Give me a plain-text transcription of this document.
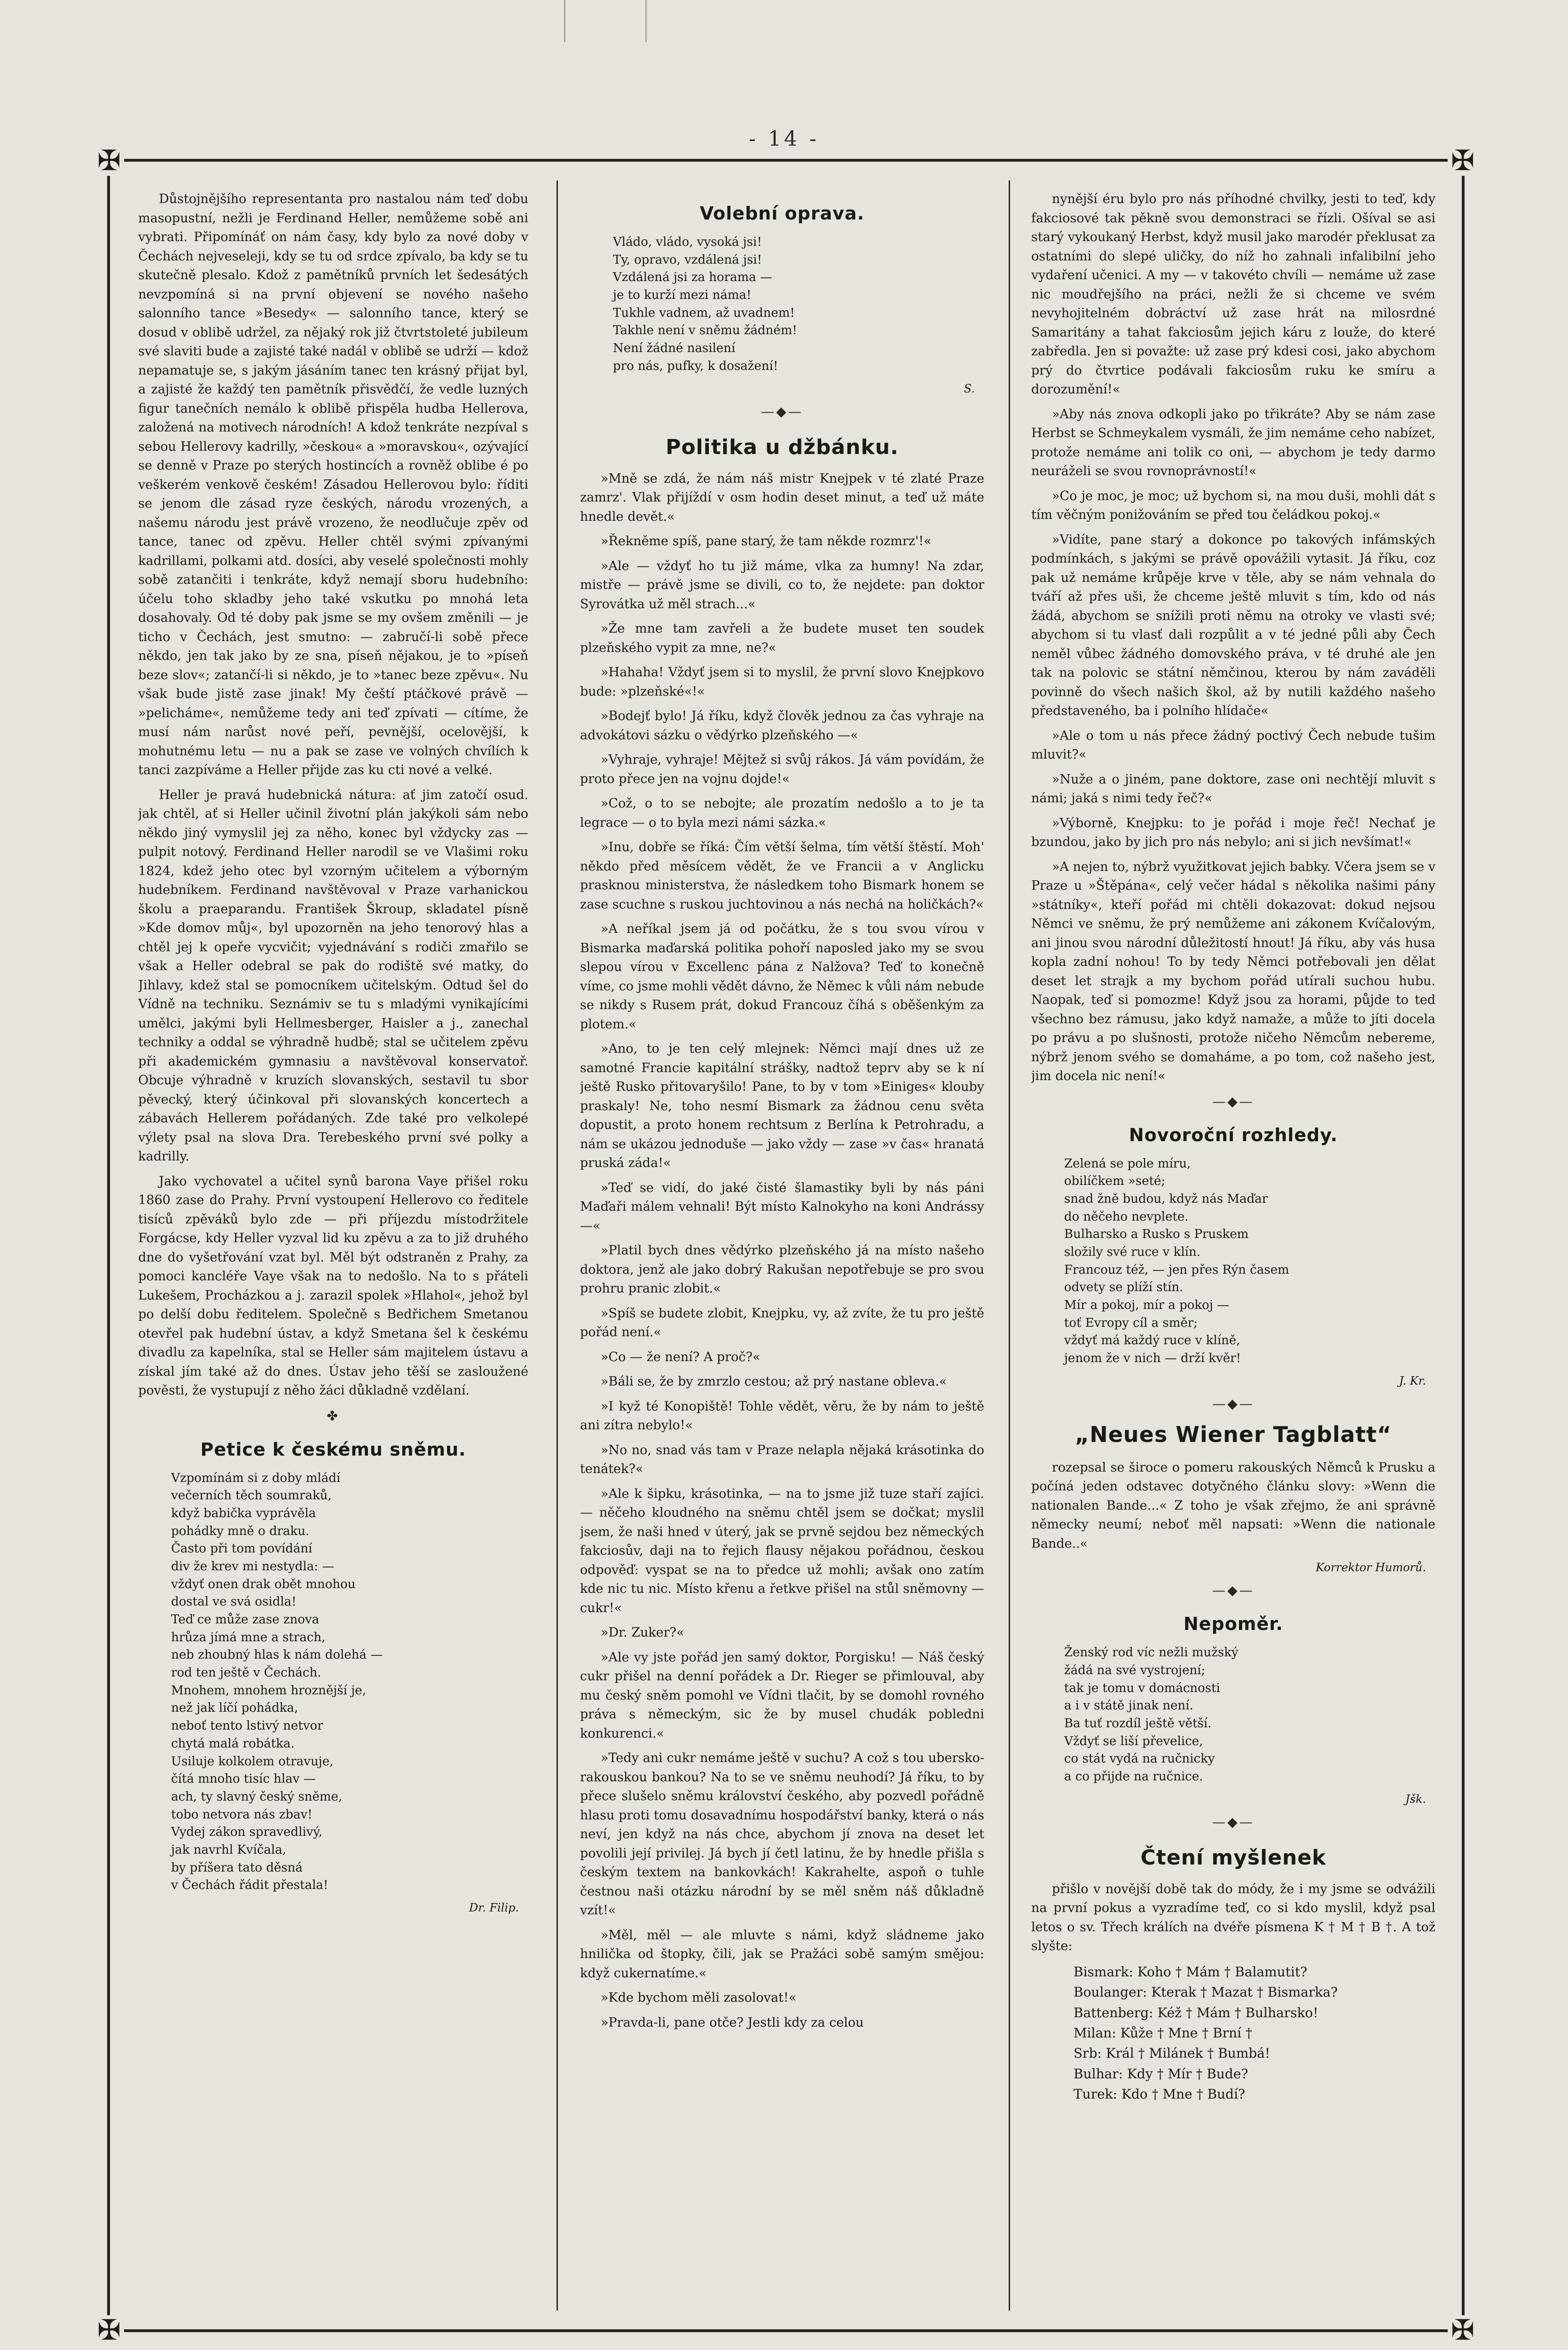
- 14 -
✠	✠
✠	✠

Důstojnějšího representanta pro nastalou nám teď dobu masopustní, nežli je Ferdinand Heller, nemůžeme sobě ani vybrati. Připomínáť on nám časy, kdy bylo za nové doby v Čechách nejveseleji, kdy se tu od srdce zpívalo, ba kdy se tu skutečně plesalo. Kdož z pamětníků prvních let šedesátých nevzpomíná si na první objevení se nového našeho salonního tance »Besedy« — salonního tance, který se dosud v oblibě udržel, za nějaký rok již čtvrtstoleté jubileum své slaviti bude a zajisté také nadál v oblibě se udrží — kdož nepamatuje se, s jakým jásáním tanec ten krásný přijat byl, a zajisté že každý ten pamětník přisvědčí, že vedle luzných figur tanečních nemálo k oblibě přispěla hudba Hellerova, založená na motivech národních! A kdož tenkráte nezpíval s sebou Hellerovy kadrilly, »českou« a »moravskou«, ozývající se denně v Praze po sterých hostincích a rovněž oblibe é po veškerém venkově českém! Zásadou Hellerovou bylo: říditi se jenom dle zásad ryze českých, národu vrozených, a našemu národu jest právě vrozeno, že neodlučuje zpěv od tance, tanec od zpěvu. Heller chtěl svými zpívanými kadrillami, polkami atd. dosíci, aby veselé společnosti mohly sobě zatančiti i tenkráte, když nemají sboru hudebního: účelu toho skladby jeho také vskutku po mnohá leta dosahovaly. Od té doby pak jsme se my ovšem změnili — je ticho v Čechách, jest smutno: — zabručí-li sobě přece někdo, jen tak jako by ze sna, píseň nějakou, je to »píseň beze slov«; zatančí-li si někdo, je to »tanec beze zpěvu«. Nu však bude jistě zase jinak! My čeští ptáčkové právě — »pelicháme«, nemůžeme tedy ani teď zpívati — cítíme, že musí nám narůst nové peří, pevnější, ocelovější, k mohutnému letu — nu a pak se zase ve volných chvílích k tanci zazpíváme a Heller přijde zas ku cti nové a velké.

Heller je pravá hudebnická nátura: ať jim zatočí osud. jak chtěl, ať si Heller učinil životní plán jakýkoli sám nebo někdo jiný vymyslil jej za něho, konec byl vždycky zas — pulpit notový. Ferdinand Heller narodil se ve Vlašimi roku 1824, kdež jeho otec byl vzorným učitelem a výborným hudebníkem. Ferdinand navštěvoval v Praze varhanickou školu a praeparandu. František Škroup, skladatel písně »Kde domov můj«, byl upozorněn na jeho tenorový hlas a chtěl jej k opeře vycvičit; vyjednávání s rodiči zmařilo se však a Heller odebral se pak do rodiště své matky, do Jihlavy, kdež stal se pomocníkem učitelským. Odtud šel do Vídně na techniku. Seznámiv se tu s mladými vynikajícími umělci, jakými byli Hellmesberger, Haisler a j., zanechal techniky a oddal se výhradně hudbě; stal se učitelem zpěvu při akademickém gymnasiu a navštěvoval konservatoř. Obcuje výhradně v kruzích slovanských, sestavil tu sbor pěvecký, který účinkoval při slovanských koncertech a zábavách Hellerem pořádaných. Zde také pro velkolepé výlety psal na slova Dra. Terebeského první své polky a kadrilly.

Jako vychovatel a učitel synů barona Vaye přišel roku 1860 zase do Prahy. První vystoupení Hellerovo co ředitele tisíců zpěváků bylo zde — při příjezdu místodržitele Forgácse, kdy Heller vyzval lid ku zpěvu a za to již druhého dne do vyšetřování vzat byl. Měl být odstraněn z Prahy, za pomoci kancléře Vaye však na to nedošlo. Na to s přáteli Lukešem, Procházkou a j. zarazil spolek »Hlahol«, jehož byl po delší dobu ředitelem. Společně s Bedřichem Smetanou otevřel pak hudební ústav, a když Smetana šel k českému divadlu za kapelníka, stal se Heller sám majitelem ústavu a získal jím také až do dnes. Ústav jeho těší se zasloužené pověsti, že vystupují z něho žáci důkladně vzdělaní.

✤
Petice k českému sněmu.
Vzpomínám si z doby mládí
večerních těch soumraků,
když babička vyprávěla
pohádky mně o draku.
Často při tom povídání
div že krev mi nestydla: —
vždyť onen drak obět mnohou
dostal ve svá osidla!
Teď ce může zase znova
hrůza jímá mne a strach,
neb zhoubný hlas k nám dolehá —
rod ten ještě v Čechách.
Mnohem, mnohem hroznější je,
než jak líčí pohádka,
neboť tento lstivý netvor
chytá malá robátka.
Usiluje kolkolem otravuje,
čítá mnoho tisíc hlav —
ach, ty slavný český sněme,
tobo netvora nás zbav!
Vydej zákon spravedlivý,
jak navrhl Kvíčala,
by příšera tato děsná
v Čechách řádit přestala!
Dr. Filip.
Volební oprava.
Vládo, vládo, vysoká jsi!
Ty, opravo, vzdálená jsi!
Vzdálená jsi za horama —
je to kurží mezi náma!
Tukhle vadnem, až uvadnem!
Takhle není v sněmu žádném!
Není žádné nasilení
pro nás, pufky, k dosažení!
S.
—◆—
Politika u džbánku.

»Mně se zdá, že nám náš mistr Knejpek v té zlaté Praze zamrz'. Vlak přijíždí v osm hodin deset minut, a teď už máte hnedle devět.«

»Řekněme spíš, pane starý, že tam někde rozmrz'!«

»Ale — vždyť ho tu již máme, vlka za humny! Na zdar, mistře — právě jsme se divili, co to, že nejdete: pan doktor Syrovátka už měl strach...«

»Že mne tam zavřeli a že budete muset ten soudek plzeňského vypit za mne, ne?«

»Hahaha! Vždyť jsem si to myslil, že první slovo Knejpkovo bude: »plzeňské«!«

»Bodejť bylo! Já říku, když člověk jednou za čas vyhraje na advokátovi sázku o vědýrko plzeňského —«

»Vyhraje, vyhraje! Mějtež si svůj rákos. Já vám povídám, že proto přece jen na vojnu dojde!«

»Což, o to se nebojte; ale prozatím nedošlo a to je ta legrace — o to byla mezi námi sázka.«

»Inu, dobře se říká: Čím větší šelma, tím větší štěstí. Moh' někdo před měsícem vědět, že ve Francii a v Anglicku prasknou ministerstva, že následkem toho Bismark honem se zase scuchne s ruskou juchtovinou a nás nechá na holičkách?«

»A neříkal jsem já od počátku, že s tou svou vírou v Bismarka maďarská politika pohoří naposled jako my se svou slepou vírou v Excellenc pána z Nalžova? Teď to konečně víme, co jsme mohli vědět dávno, že Němec k vůli nám nebude se nikdy s Rusem prát, dokud Francouz číhá s oběšenkým za plotem.«

»Ano, to je ten celý mlejnek: Němci mají dnes už ze samotné Francie kapitální strášky, nadtož teprv aby se k ní ještě Rusko přitovaryšilo! Pane, to by v tom »Einiges« klouby praskaly! Ne, toho nesmí Bismark za žádnou cenu světa dopustit, a proto honem rechtsum z Berlína k Petrohradu, a nám se ukázou jednoduše — jako vždy — zase »v čas« hranatá pruská záda!«

»Teď se vidí, do jaké čisté šlamastiky byli by nás páni Maďaři málem vehnali! Být místo Kalnokyho na koni Andrássy —«

»Platil bych dnes vědýrko plzeňského já na místo našeho doktora, jenž ale jako dobrý Rakušan nepotřebuje se pro svou prohru pranic zlobit.«

»Spíš se budete zlobit, Knejpku, vy, až zvíte, že tu pro ještě pořád není.«

»Co — že není? A proč?«

»Báli se, že by zmrzlo cestou; až prý nastane obleva.«

»I kyž té Konopiště! Tohle vědět, věru, že by nám to ještě ani zítra nebylo!«

»No no, snad vás tam v Praze nelapla nějaká krásotinka do tenátek?«

»Ale k šipku, krásotinka, — na to jsme již tuze staří zajíci. — něčeho kloudného na sněmu chtěl jsem se dočkat; myslil jsem, že naši hned v úterý, jak se prvně sejdou bez německých fakciosův, daji na to řejich flausy nějakou pořádnou, českou odpověď: vyspat se na to předce už mohli; avšak ono zatím kde nic tu nic. Místo křenu a řetkve přišel na stůl sněmovny — cukr!«

»Dr. Zuker?«

»Ale vy jste pořád jen samý doktor, Porgisku! — Náš český cukr přišel na denní pořádek a Dr. Rieger se přimlouval, aby mu český sněm pomohl ve Vídni tlačit, by se domohl rovného práva s německým, sic že by musel chudák pobledni konkurenci.«

»Tedy ani cukr nemáme ještě v suchu? A což s tou ubersko-rakouskou bankou? Na to se ve sněmu neuhodí? Já říku, to by přece slušelo sněmu království českého, aby pozvedl pořádně hlasu proti tomu dosavadnímu hospodářství banky, která o nás neví, jen když na nás chce, abychom jí znova na deset let povolili její privilej. Já bych jí četl latinu, že by hnedle přišla s českým textem na bankovkách! Kakrahelte, aspoň o tuhle čestnou naši otázku národní by se měl sněm náš důkladně vzít!«

»Měl, měl — ale mluvte s námi, když sládneme jako hnilička od štopky, čili, jak se Pražáci sobě samým smějou: když cukernatíme.«

»Kde bychom měli zasolovat!«

»Pravda-li, pane otče? Jestli kdy za celou

nynější éru bylo pro nás příhodné chvilky, jesti to teď, kdy fakciosové tak pěkně svou demonstraci se řízli. Ošíval se asi starý vykoukaný Herbst, když musil jako marodér překlusat za ostatními do slepé uličky, do níž ho zahnali infalibilní jeho vydaření učenici. A my — v takovéto chvíli — nemáme už zase nic moudřejšího na práci, nežli že si chceme ve svém nevyhojitelném dobráctví už zase hrát na milosrdné Samaritány a tahat fakciosům jejich káru z louže, do které zabředla. Jen si považte: už zase prý kdesi cosi, jako abychom prý do čtvrtice podávali fakciosům ruku ke smíru a dorozumění!«

»Aby nás znova odkopli jako po třikráte? Aby se nám zase Herbst se Schmeykalem vysmáli, že jim nemáme ceho nabízet, protože nemáme ani tolik co oni, — abychom je tedy darmo neuráželi se svou rovnoprávností!«

»Co je moc, je moc; už bychom si, na mou duši, mohli dát s tím věčným ponižováním se před tou čeládkou pokoj.«

»Vidíte, pane starý a dokonce po takových infámských podmínkách, s jakými se právě opovážili vytasit. Já říku, coz pak už nemáme krůpěje krve v těle, aby se nám vehnala do tváří až přes uši, že chceme ještě mluvit s tím, kdo od nás žádá, abychom se snížili proti němu na otroky ve vlasti své; abychom si tu vlasť dali rozpůlit a v té jedné půli aby Čech neměl vůbec žádného domovského práva, v té druhé ale jen tak na polovic se státní němčinou, kterou by nám zaváděli povinně do všech našich škol, až by nutili každého našeho představeného, ba i polního hlídače«

»Ale o tom u nás přece žádný poctivý Čech nebude tušim mluvit?«

»Nuže a o jiném, pane doktore, zase oni nechtějí mluvit s námi; jaká s nimi tedy řeč?«

»Výborně, Knejpku: to je pořád i moje řeč! Nechať je bzundou, jako by jich pro nás nebylo; ani si jich nevšímat!«

»A nejen to, nýbrž využitkovat jejich babky. Včera jsem se v Praze u »Štěpána«, celý večer hádal s několika našimi pány »státníky«, kteří pořád mi chtěli dokazovat: dokud nejsou Němci ve sněmu, že prý nemůžeme ani zákonem Kvíčalovým, ani jinou svou národní důležitostí hnout! Já říku, aby vás husa kopla zadní nohou! To by tedy Němci potřebovali jen dělat deset let strajk a my bychom pořád utírali suchou hubu. Naopak, teď si pomozme! Když jsou za horami, půjde to teď všechno bez rámusu, jako když namaže, a může to jíti docela po právu a po slušnosti, protože ničeho Němcům nebereme, nýbrž jenom svého se domaháme, a po tom, což našeho jest, jim docela nic není!«

—◆—
Novoroční rozhledy.
Zelená se pole míru,
obilíčkem »seté;
snad žně budou, když nás Maďar
do něčeho nevplete.
Bulharsko a Rusko s Pruskem
složily své ruce v klín.
Francouz též, — jen přes Rýn časem
odvety se plíží stín.
Mír a pokoj, mír a pokoj —
toť Evropy cíl a směr;
vždyť má každý ruce v klíně,
jenom že v nich — drží kvěr!
J. Kr.
—◆—
„Neues Wiener Tagblatt“

rozepsal se široce o pomeru rakouských Němců k Prusku a počíná jeden odstavec dotyčného článku slovy: »Wenn die nationalen Bande...« Z toho je však zřejmo, že ani správně německy neumí; neboť měl napsati: »Wenn die nationale Bande..«

Korrektor Humorů.
—◆—
Nepoměr.
Ženský rod víc nežli mužský
žádá na své vystrojení;
tak je tomu v domácnosti
a i v státě jinak není.
Ba tuť rozdíl ještě větší.
Vždyť se liší převelice,
co stát vydá na ručnicky
a co přijde na ručnice.
Jšk.
—◆—
Čtení myšlenek

přišlo v novější době tak do módy, že i my jsme se odvážili na první pokus a vyzradíme teď, co si kdo myslil, když psal letos o sv. Třech králích na dvéře písmena K † M † B †. A tož slyšte:

Bismark: Koho † Mám † Balamutit?
Boulanger: Kterak † Mazat † Bismarka?
Battenberg: Kéž † Mám † Bulharsko!
Milan: Kůže † Mne † Brní †
Srb: Král † Milánek † Bumbá!
Bulhar: Kdy † Mír † Bude?
Turek: Kdo † Mne † Budí?
